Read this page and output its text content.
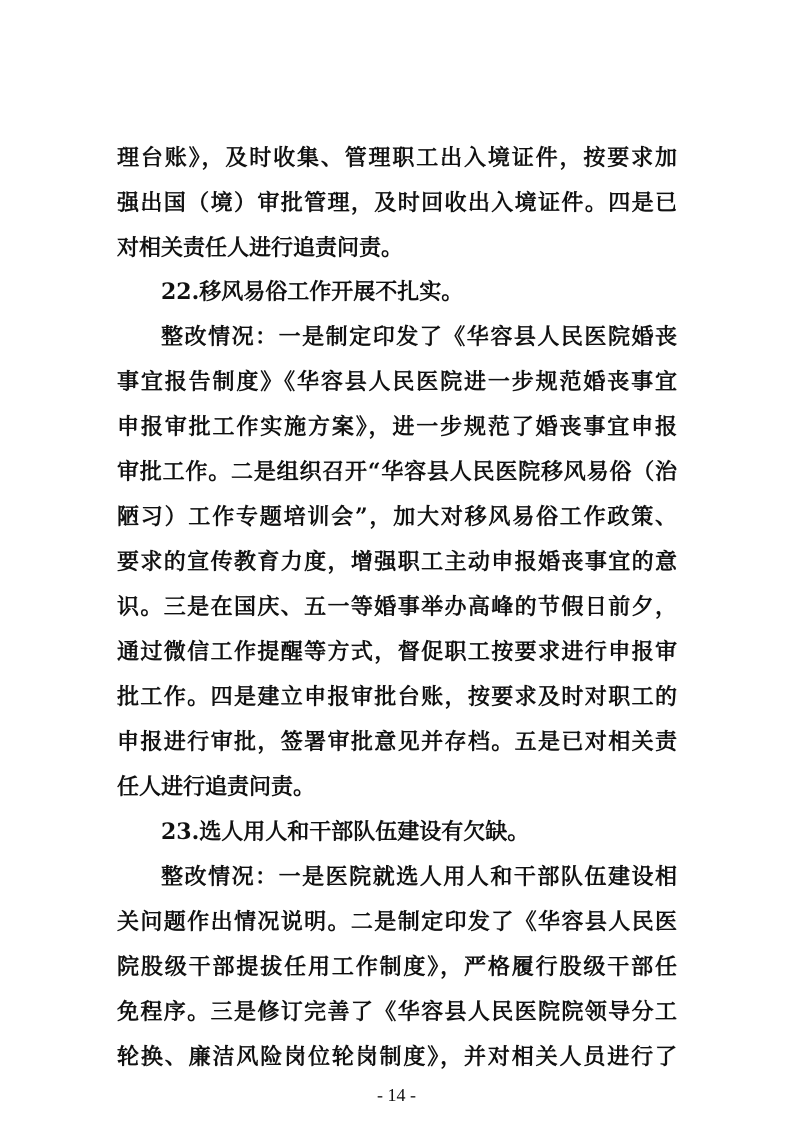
理台账》，及时收集、管理职工出入境证件，按要求加
强出国（境）审批管理，及时回收出入境证件。四是已
对相关责任人进行追责问责。
22.移风易俗工作开展不扎实。
整改情况：一是制定印发了《华容县人民医院婚丧
事宜报告制度》《华容县人民医院进一步规范婚丧事宜
申报审批工作实施方案》，进一步规范了婚丧事宜申报
审批工作。二是组织召开“华容县人民医院移风易俗（治
陋习）工作专题培训会”，加大对移风易俗工作政策、
要求的宣传教育力度，增强职工主动申报婚丧事宜的意
识。三是在国庆、五一等婚事举办高峰的节假日前夕，
通过微信工作提醒等方式，督促职工按要求进行申报审
批工作。四是建立申报审批台账，按要求及时对职工的
申报进行审批，签署审批意见并存档。五是已对相关责
任人进行追责问责。
23.选人用人和干部队伍建设有欠缺。
整改情况：一是医院就选人用人和干部队伍建设相
关问题作出情况说明。二是制定印发了《华容县人民医
院股级干部提拔任用工作制度》，严格履行股级干部任
免程序。三是修订完善了《华容县人民医院院领导分工
轮换、廉洁风险岗位轮岗制度》，并对相关人员进行了
- 14 -
